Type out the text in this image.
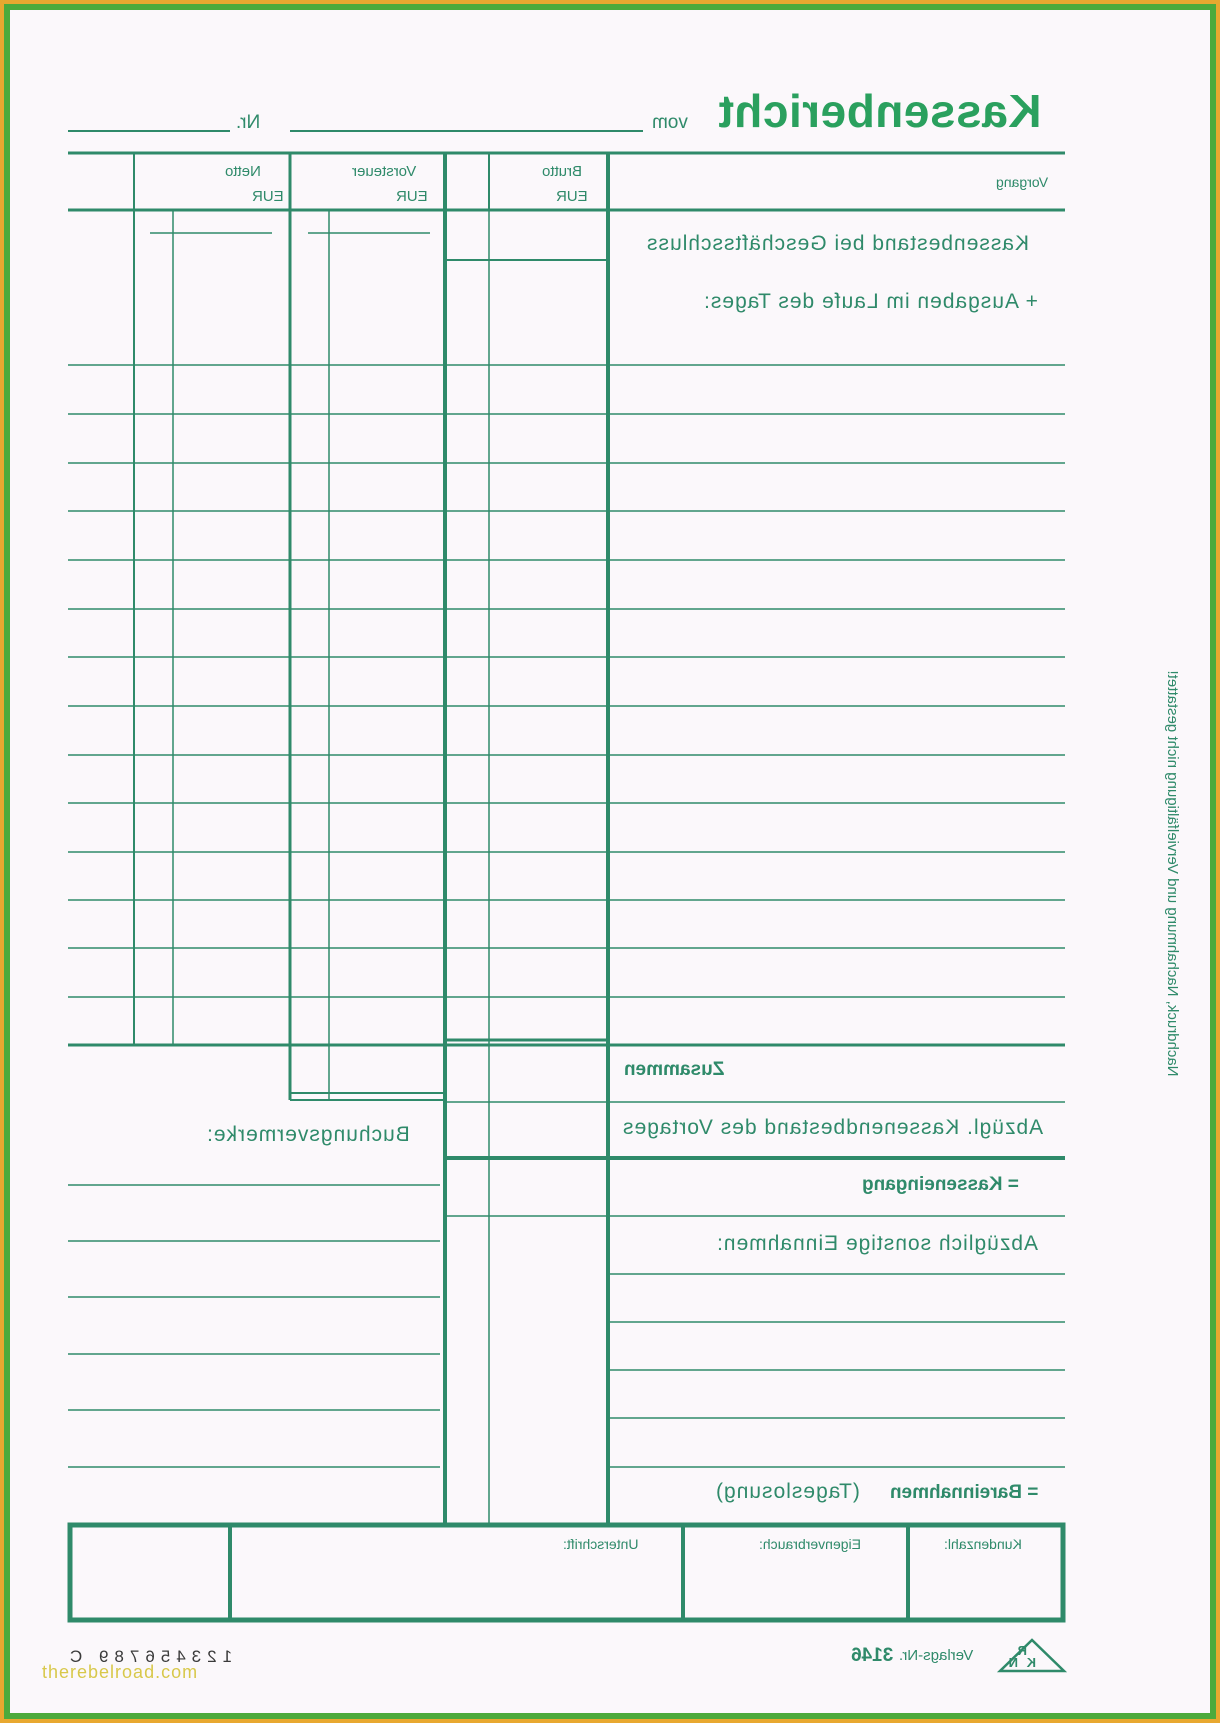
R
N K
Kassenbericht
vom
Nr.
Vorgang
Brutto
EUR
Vorsteuer
EUR
Netto
EUR
Kassenbestand bei Geschäftsschluss
+ Ausgaben im Laufe des Tages:
Zusammen
Abzügl. Kassenendbestand des Vortages
= Kasseneingang
Abzüglich sonstige Einnahmen:
= Bareinnahmen
(Tageslosung)
Buchungsvermerke:
Kundenzahl:
Eigenverbrauch:
Unterschrift:
Verlags-Nr.
3146
123456789 C
Nachdruck, Nachahmung und Vervielfältigung nicht gestattet!
therebelroad.com
